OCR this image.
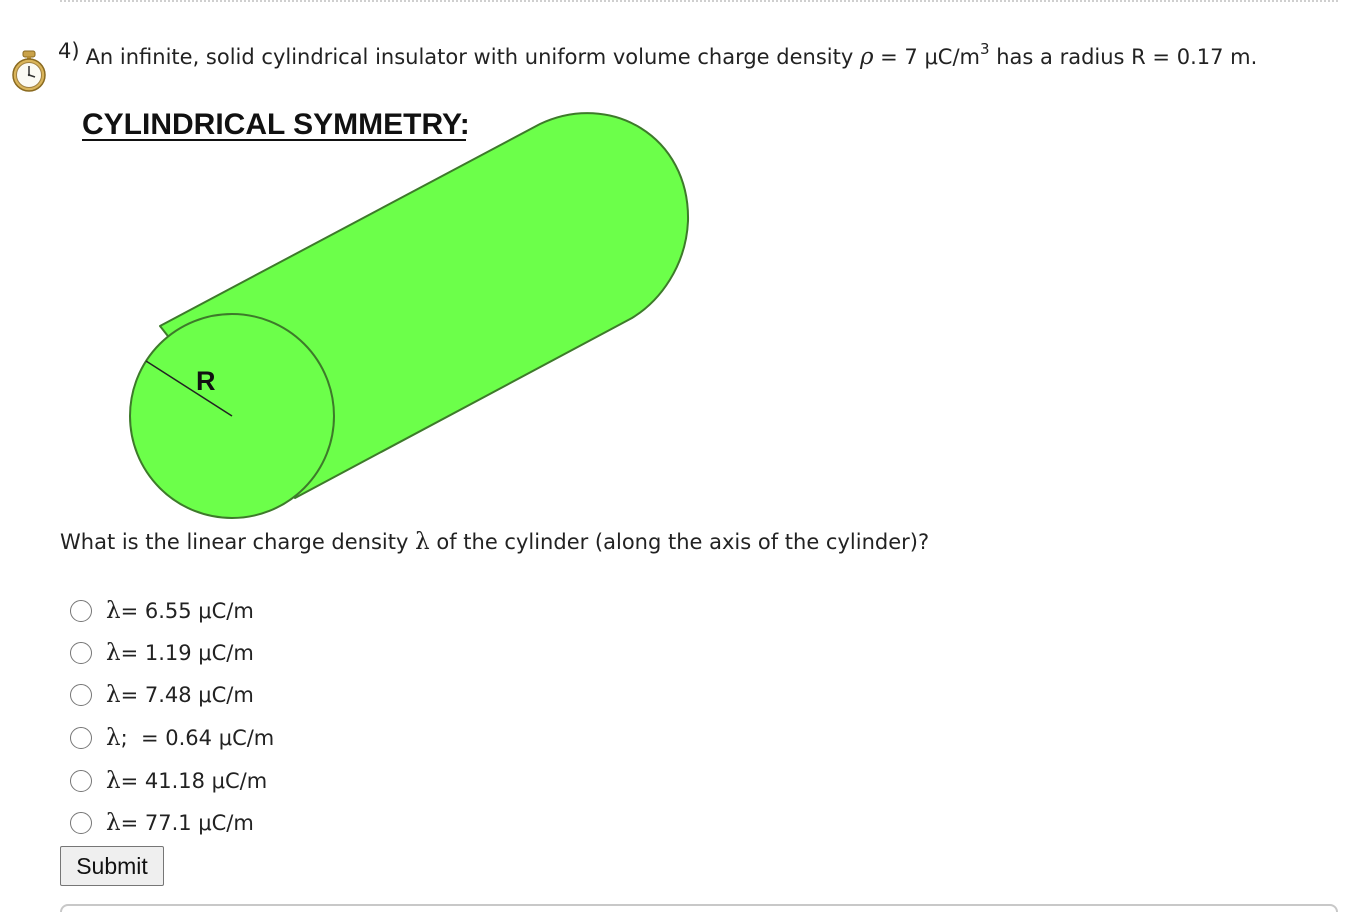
4) An infinite, solid cylindrical insulator with uniform volume charge density ρ = 7 $\mu C/m^3$ has a radius R = 0.17 m.
CYLINDRICAL SYMMETRY:
R
What is the linear charge density λ of the cylinder (along the axis of the cylinder)?
λ = 6.55 μC/m
λ = 1.19 μC/m
λ = 7.48 μC/m
λ ;  = 0.64 μC/m
λ = 41.18 μC/m
λ = 77.1 μC/m
Submit
